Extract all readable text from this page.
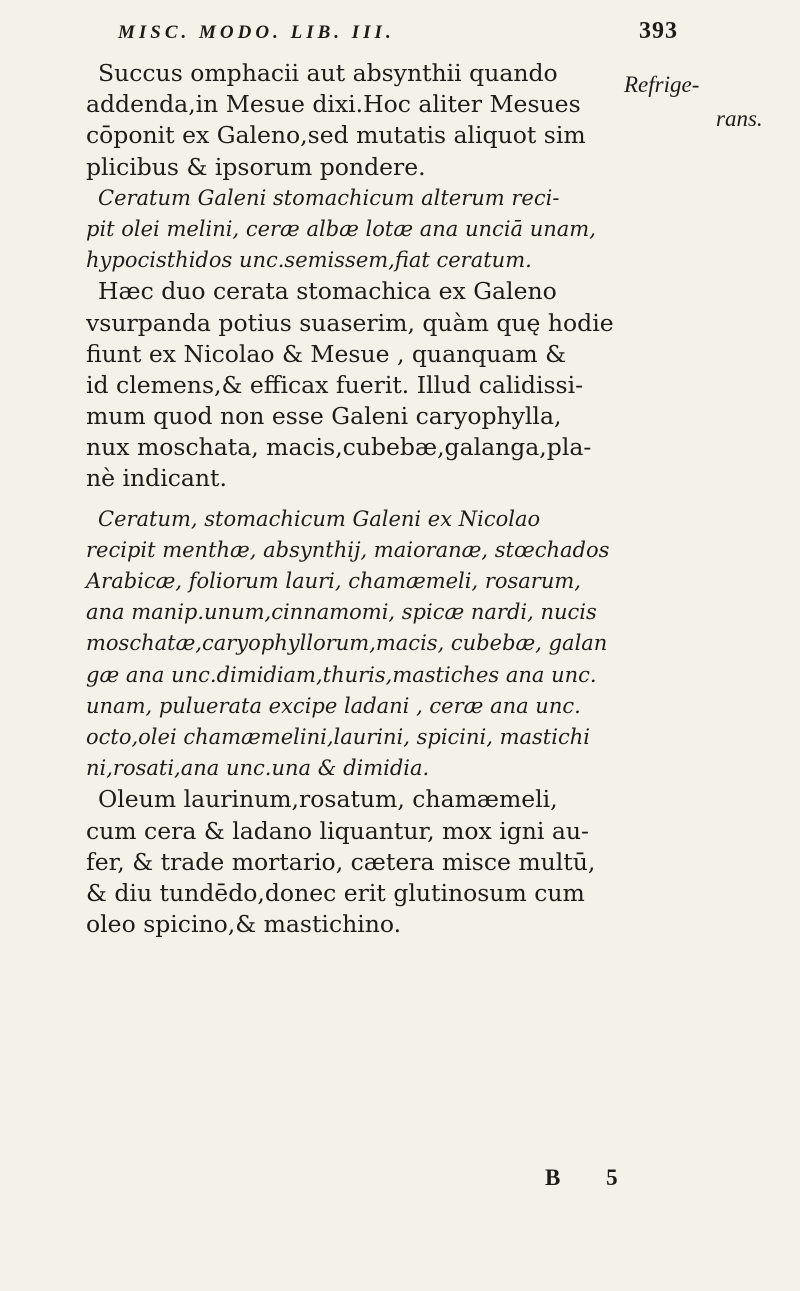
MISC. MODO. LIB. III.	393
Refrige-
rans.
Succus omphacii aut absynthii quando
addenda,in Mesue dixi.Hoc aliter Mesues
cōponit ex Galeno,sed mutatis aliquot sim
plicibus & ipsorum pondere.
Ceratum Galeni stomachicum alterum reci-
pit olei melini, ceræ albæ lotæ ana unciā unam,
hypocisthidos unc.semissem,fiat ceratum.
Hæc duo cerata stomachica ex Galeno
vsurpanda potius suaserim, quàm quę hodie
fiunt ex Nicolao & Mesue , quanquam &
id clemens,& efficax fuerit. Illud calidissi-
mum quod non esse Galeni caryophylla,
nux moschata, macis,cubebæ,galanga,pla-
nè indicant.
Ceratum, stomachicum Galeni ex Nicolao
recipit menthæ, absynthij, maioranæ, stœchados
Arabicæ, foliorum lauri, chamæmeli, rosarum,
ana manip.unum,cinnamomi, spicæ nardi, nucis
moschatæ,caryophyllorum,macis, cubebæ, galan
gæ ana unc.dimidiam,thuris,mastiches ana unc.
unam, puluerata excipe ladani , ceræ ana unc.
octo,olei chamæmelini,laurini, spicini, mastichi
ni,rosati,ana unc.una & dimidia.
Oleum laurinum,rosatum, chamæmeli,
cum cera & ladano liquantur, mox igni au-
fer, & trade mortario, cætera misce multū,
& diu tundēdo,donec erit glutinosum cum
oleo spicino,& mastichino.
B 5
